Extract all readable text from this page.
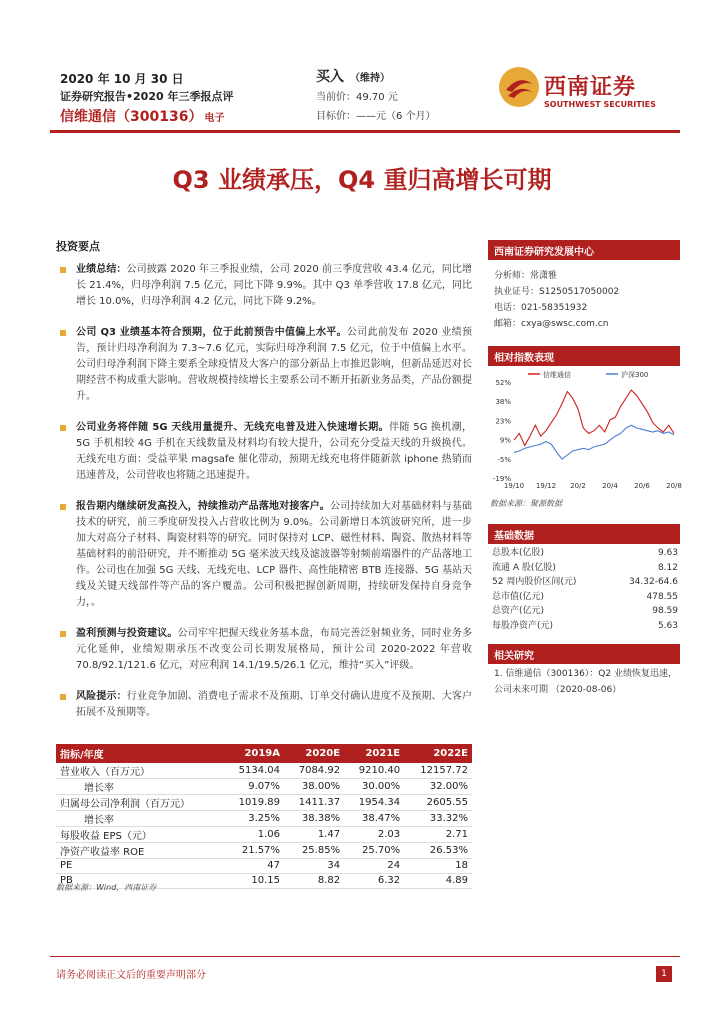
2020 年 10 月 30 日
证券研究报告•2020 年三季报点评
信维通信（300136） 电子
买入 （维持）
当前价：49.70 元
目标价：——元（6 个月）
西南证券
SOUTHWEST SECURITIES
Q3 业绩承压，Q4 重归高增长可期
投资要点
业绩总结：公司披露 2020 年三季报业绩，公司 2020 前三季度营收 43.4 亿元，同比增长 21.4%，归母净利润 7.5 亿元，同比下降 9.9%。其中 Q3 单季营收 17.8 亿元，同比增长 10.0%，归母净利润 4.2 亿元，同比下降 9.2%。
公司 Q3 业绩基本符合预期，位于此前预告中值偏上水平。公司此前发布 2020 业绩预告，预计归母净利润为 7.3~7.6 亿元，实际归母净利润 7.5 亿元，位于中值偏上水平。公司归母净利润下降主要系全球疫情及大客户的部分新品上市推迟影响，但新品延迟对长期经营不构成重大影响。营收规模持续增长主要系公司不断开拓新业务品类，产品份额提升。
公司业务将伴随 5G 天线用量提升、无线充电普及进入快速增长期。伴随 5G 换机潮，5G 手机相较 4G 手机在天线数量及材料均有较大提升，公司充分受益天线的升级换代。无线充电方面：受益苹果 magsafe 催化带动，预期无线充电将伴随新款 iphone 热销而迅速普及，公司营收也将随之迅速提升。
报告期内继续研发高投入，持续推动产品落地对接客户。公司持续加大对基础材料与基础技术的研究，前三季度研发投入占营收比例为 9.0%。公司新增日本筑波研究所，进一步加大对高分子材料、陶瓷材料等的研究。同时保持对 LCP、磁性材料、陶瓷、散热材料等基础材料的前沿研究，并不断推动 5G 毫米波天线及滤波器等射频前端器件的产品落地工作。公司也在加强 5G 天线、无线充电、LCP 器件、高性能精密 BTB 连接器、5G 基站天线及关键天线部件等产品的客户覆盖。公司积极把握创新周期，持续研发保持自身竞争力，。
盈利预测与投资建议。公司牢牢把握天线业务基本盘，布局完善泛射频业务，同时业务多元化延伸，业绩短期承压不改变公司长期发展格局，预计公司 2020-2022 年营收 70.8/92.1/121.6 亿元，对应利润 14.1/19.5/26.1 亿元，维持“买入”评级。
风险提示：行业竞争加剧、消费电子需求不及预期、订单交付确认进度不及预期、大客户拓展不及预期等。
指标/年度	2019A	2020E	2021E	2022E
营业收入（百万元）	5134.04	7084.92	9210.40	12157.72
增长率	9.07%	38.00%	30.00%	32.00%
归属母公司净利润（百万元）	1019.89	1411.37	1954.34	2605.55
增长率	3.25%	38.38%	38.47%	33.32%
每股收益 EPS（元）	1.06	1.47	2.03	2.71
净资产收益率 ROE	21.57%	25.85%	25.70%	26.53%
PE	47	34	24	18
PB	10.15	8.82	6.32	4.89
数据来源：Wind，西南证券
西南证券研究发展中心
分析师：常潇雅
执业证号：S1250517050002
电话：021-58351932
邮箱：cxya@swsc.com.cn
相对指数表现
52%
38%
23%
9%
-5%
-19%
19/10 19/12 20/2 20/4 20/6 20/8
信维通信	沪深300
数据来源：聚源数据
基础数据
总股本(亿股)	9.63
流通 A 股(亿股)	8.12
52 周内股价区间(元)	34.32-64.6
总市值(亿元)	478.55
总资产(亿元)	98.59
每股净资产(元)	5.63
相关研究
1. 信维通信（300136）：Q2 业绩恢复迅速，公司未来可期 （2020-08-06）
请务必阅读正文后的重要声明部分	1
